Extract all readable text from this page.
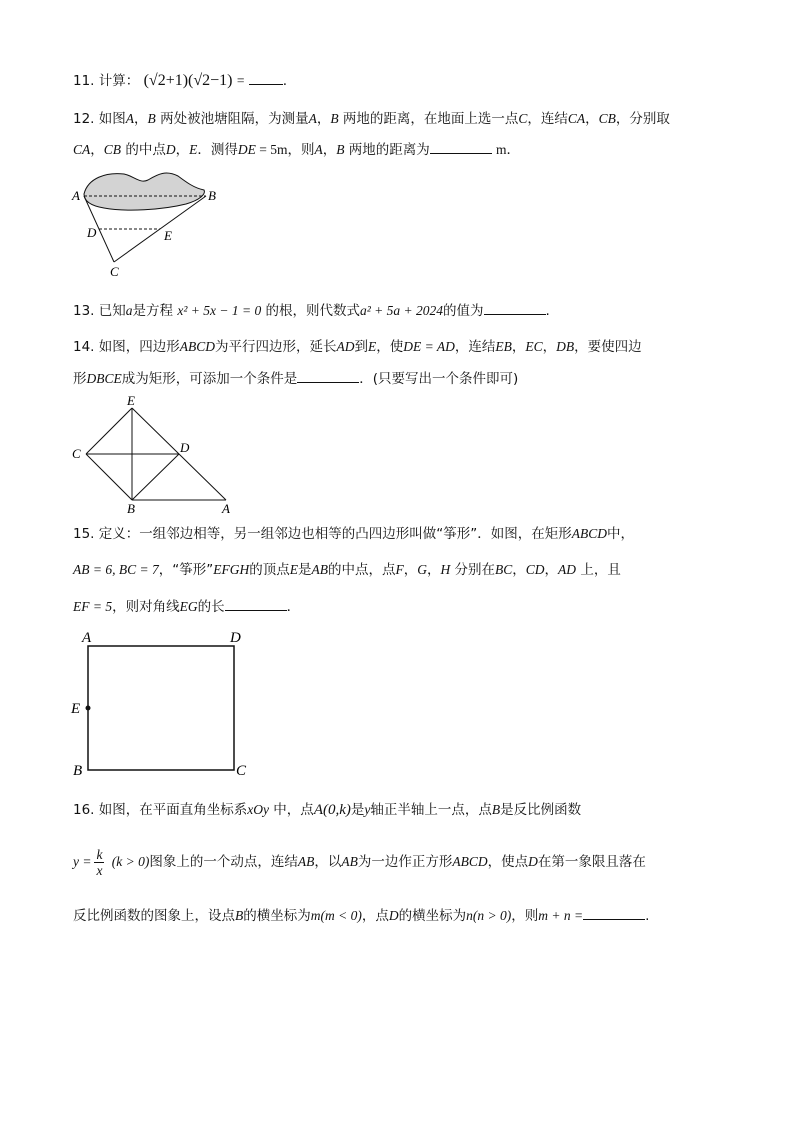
11. 计算： (√2+1)(√2−1) =	.
12. 如图A，B 两处被池塘阻隔，为测量A，B 两地的距离，在地面上选一点C，连结CA，CB，分别取
CA，CB 的中点D，E．测得DE = 5m，则A，B 两地的距离为	m．
A	B
D	E
C
13. 已知a是方程 x² + 5x − 1 = 0 的根，则代数式a² + 5a + 2024的值为	.
14. 如图，四边形ABCD为平行四边形，延长AD到E，使DE = AD，连结EB，EC，DB，要使四边
形DBCE成为矩形，可添加一个条件是	．(只要写出一个条件即可)
E
C	D
B	A
15. 定义：一组邻边相等，另一组邻边也相等的凸四边形叫做“筝形”．如图，在矩形ABCD中，
AB = 6, BC = 7，“筝形”EFGH的顶点E是AB的中点，点F，G，H 分别在BC，CD，AD 上，且
EF = 5，则对角线EG的长	．
A	D
E
B	C
16. 如图，在平面直角坐标系xOy 中，点A(0,k)是y轴正半轴上一点，点B是反比例函数
$y = \frac{k}{x} (k > 0)$图象上的一个动点，连结AB，以AB为一边作正方形ABCD，使点D在第一象限且落在
反比例函数的图象上，设点B的横坐标为m(m < 0)，点D的横坐标为n(n > 0)，则m + n =	.
